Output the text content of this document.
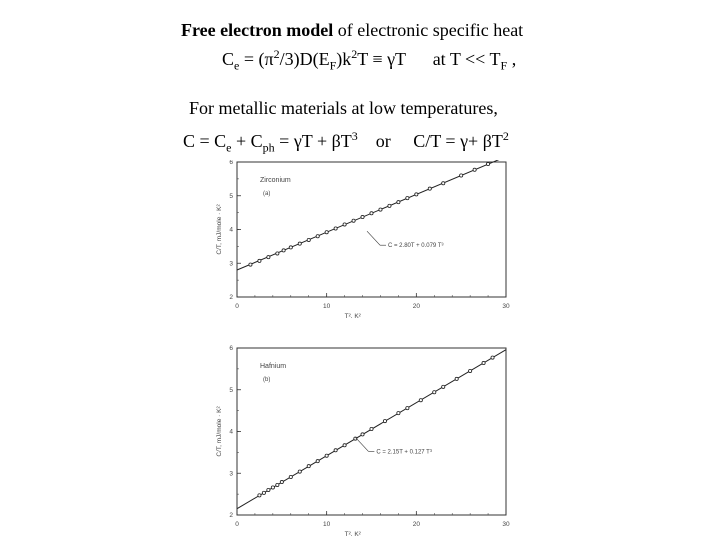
Free electron model of electronic specific heat
$C_e = (\pi^2/3)D(E_F)k^2T \equiv \gamma T$      at $T << T_F$ ,
For metallic materials at low temperatures,
$C = C_e + C_{ph} = \gamma T + \beta T^3$    or     $C/T = \gamma+ \beta T^2$
0	10	20	30
2
3
4
5
6
T², K²
C/T, mJ/mole · K²
Zirconium
(a)
C = 2.80T + 0.079 T³
0	10	20	30
2
3
4
5
6
T², K²
C/T, mJ/mole · K²
Hafnium
(b)
C = 2.15T + 0.127 T³
